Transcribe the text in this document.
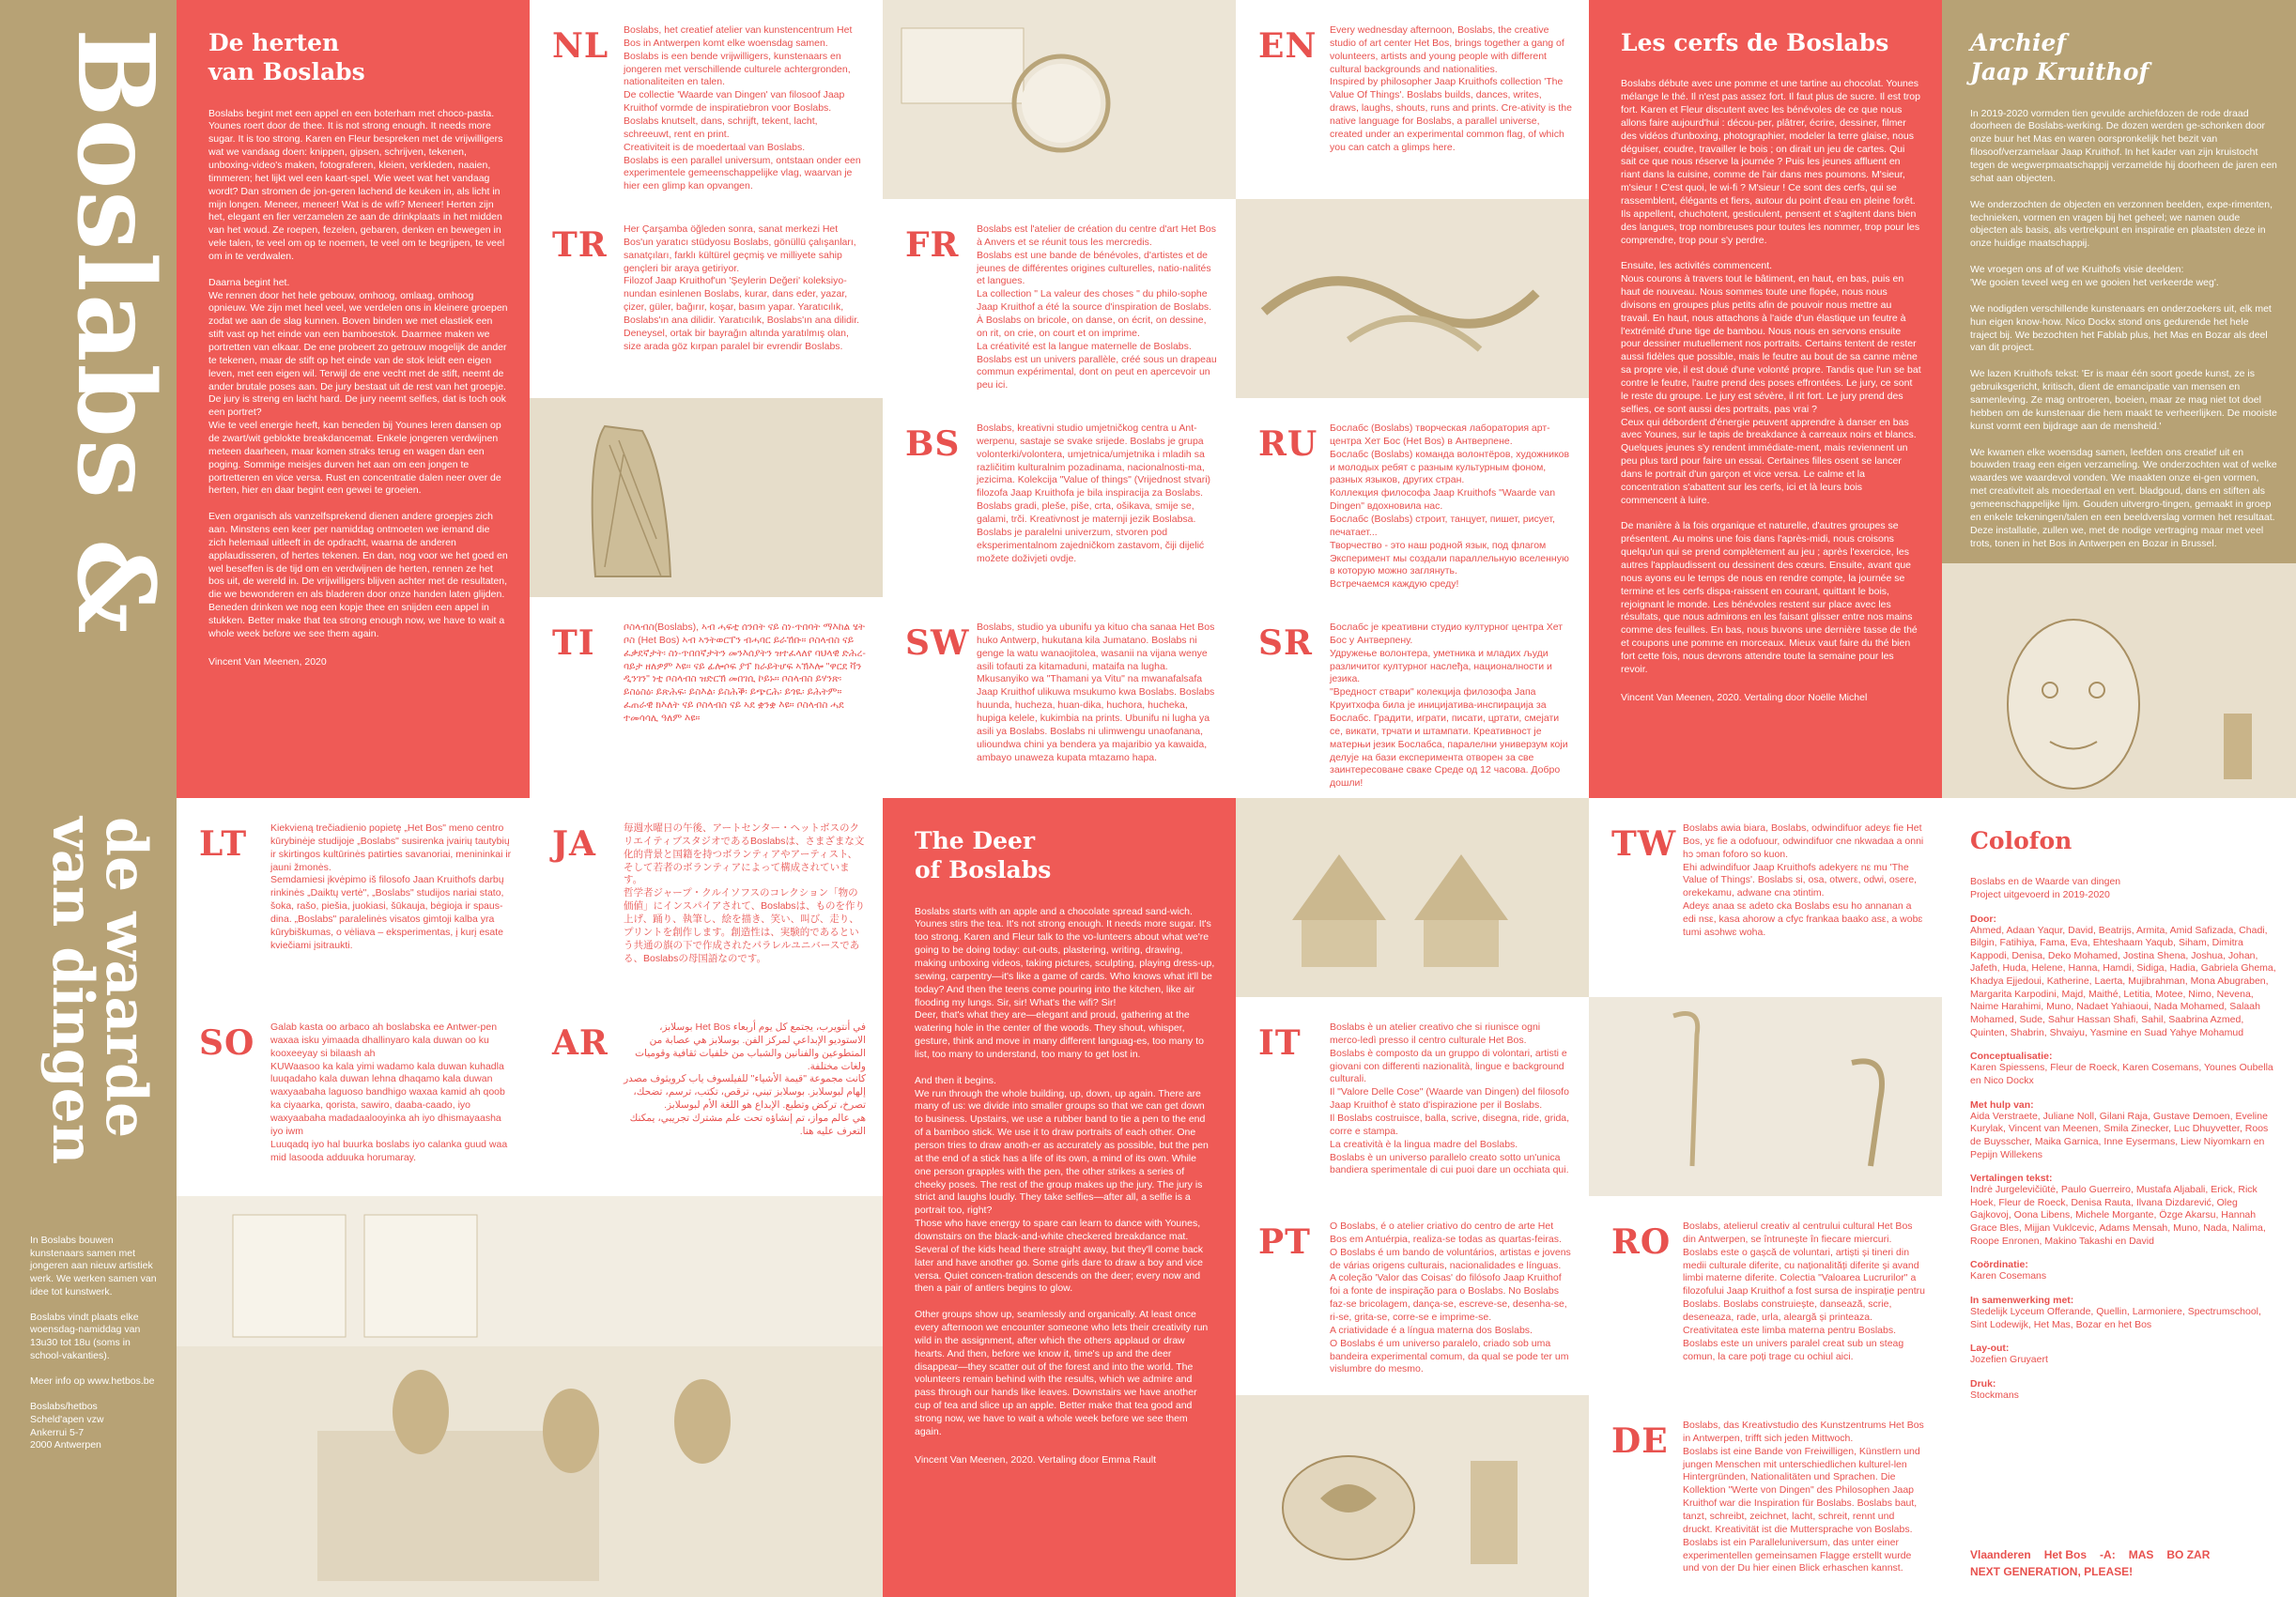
Boslabs &
de waarde
van dingen
In Boslabs bouwen kunstenaars samen met jongeren aan nieuw artistiek werk. We werken samen van idee tot kunstwerk.

Boslabs vindt plaats elke woensdag-namiddag van 13u30 tot 18u (soms in school-vakanties).

Meer info op www.hetbos.be

Boslabs/hetbos
Scheld'apen vzw
Ankerrui 5-7
2000 Antwerpen
De herten
van Boslabs
Boslabs begint met een appel en een boterham met choco-pasta. Younes roert door de thee. It is not strong enough. It needs more sugar. It is too strong. Karen en Fleur bespreken met de vrijwilligers wat we vandaag doen: knippen, gipsen, schrijven, tekenen, unboxing-video's maken, fotograferen, kleien, verkleden, naaien, timmeren; het lijkt wel een kaart-spel. Wie weet wat het vandaag wordt? Dan stromen de jon-geren lachend de keuken in, als licht in mijn longen. Meneer, meneer! Wat is de wifi? Meneer! Herten zijn het, elegant en fier verzamelen ze aan de drinkplaats in het midden van het woud. Ze roepen, fezelen, gebaren, denken en bewegen in vele talen, te veel om op te noemen, te veel om te begrijpen, te veel om in te verdwalen.

Daarna begint het.
We rennen door het hele gebouw, omhoog, omlaag, omhoog opnieuw. We zijn met heel veel, we verdelen ons in kleinere groepen zodat we aan de slag kunnen. Boven binden we met elastiek een stift vast op het einde van een bamboestok. Daarmee maken we portretten van elkaar. De ene probeert zo getrouw mogelijk de ander te tekenen, maar de stift op het einde van de stok leidt een eigen leven, met een eigen wil. Terwijl de ene vecht met de stift, neemt de ander brutale poses aan. De jury bestaat uit de rest van het groepje. De jury is streng en lacht hard. De jury neemt selfies, dat is toch ook een portret?
Wie te veel energie heeft, kan beneden bij Younes leren dansen op de zwart/wit geblokte breakdancemat. Enkele jongeren verdwijnen meteen daarheen, maar komen straks terug en wagen dan een poging. Sommige meisjes durven het aan om een jongen te portretteren en vice versa. Rust en concentratie dalen neer over de herten, hier en daar begint een gewei te groeien.

Even organisch als vanzelfsprekend dienen andere groepjes zich aan. Minstens een keer per namiddag ontmoeten we iemand die zich helemaal uitleeft in de opdracht, waarna de anderen applaudisseren, of hertes tekenen. En dan, nog voor we het goed en wel beseffen is de tijd om en verdwijnen de herten, rennen ze het bos uit, de wereld in. De vrijwilligers blijven achter met de resultaten, die we bewonderen en als bladeren door onze handen laten glijden. Beneden drinken we nog een kopje thee en snijden een appel in stukken. Better make that tea strong enough now, we have to wait a whole week before we see them again.
Vincent Van Meenen, 2020
NL Boslabs, het creatief atelier van kunstencentrum Het Bos in Antwerpen komt elke woensdag samen.
Boslabs is een bende vrijwilligers, kunstenaars en jongeren met verschillende culturele achtergronden, nationaliteiten en talen.
De collectie 'Waarde van Dingen' van filosoof Jaap Kruithof vormde de inspiratiebron voor Boslabs.
Boslabs knutselt, dans, schrijft, tekent, lacht, schreeuwt, rent en print.
Creativiteit is de moedertaal van Boslabs.
Boslabs is een parallel universum, ontstaan onder een experimentele gemeenschappelijke vlag, waarvan je hier een glimp kan opvangen.
TR Her Çarşamba öğleden sonra, sanat merkezi Het Bos'un yaratıcı stüdyosu Boslabs, gönüllü çalışanları, sanatçıları, farklı kültürel geçmiş ve milliyete sahip gençleri bir araya getiriyor.
Filozof Jaap Kruithof'un 'Şeylerin Değeri' koleksiyo-nundan esinlenen Boslabs, kurar, dans eder, yazar, çizer, güler, bağırır, koşar, basım yapar. Yaratıcılık, Boslabs'ın ana dilidir. Yaratıcılık, Boslabs'ın ana dilidir. Deneysel, ortak bir bayrağın altında yaratılmış olan, size arada göz kırpan paralel bir evrendir Boslabs.
TI	ቦስላብስ(Boslabs), ኣብ ሓፍቲ ሰንበት ናይ ስነ-ጥበባት ማእከል ሄት ቦስ (Het Bos) ኣብ ኣንትወርፐን ብሓባር ይራኸቡ። ቦስላብስ ናይ ፈቃደኛታት፡ ስነ-ጥበበኛታትን መንእሰያትን ዝተፈላለየ ባህላዊ ድሕረ-ባይታ ዘለዎም እዩ። ናይ ፊሎሶፍ ያፕ ክራይትሆፍ ኣኽእሎ "ዋርደ ቫን ዲንገን" ነቲ ቦስላብስ ዝድርኽ መበገሲ ኮይኑ። ቦስላብስ ይሃንጽ፡ ይስዕስዕ፡ ይጽሕፍ፡ ይስእል፡ ይስሕቕ፡ ይጭርሕ፡ ይጎዪ፡ ይሕትም። ፈጠራዊ ክእለት ናይ ቦስላብስ ናይ ኣደ ቋንቋ እዩ። ቦስላብስ ሓደ ተመሳሳሊ ዓለም እዩ።
FR Boslabs est l'atelier de création du centre d'art Het Bos à Anvers et se réunit tous les mercredis.
Boslabs est une bande de bénévoles, d'artistes et de jeunes de différentes origines culturelles, natio-nalités et langues.
La collection " La valeur des choses " du philo-sophe Jaap Kruithof a été la source d'inspiration de Boslabs. À Boslabs on bricole, on danse, on écrit, on dessine, on rit, on crie, on court et on imprime.
La créativité est la langue maternelle de Boslabs.
Boslabs est un univers parallèle, créé sous un drapeau commun expérimental, dont on peut en apercevoir un peu ici.
BS Boslabs, kreativni studio umjetničkog centra u Ant-werpenu, sastaje se svake srijede. Boslabs je grupa volonterki/volontera, umjetnica/umjetnika i mladih sa različitim kulturalnim pozadinama, nacionalnosti-ma, jezicima. Kolekcija "Value of things" (Vrijednost stvari) filozofa Jaap Kruithofa je bila inspiracija za Boslabs. Boslabs gradi, pleše, piše, crta, ošikava, smije se, galami, trči. Kreativnost je maternji jezik Boslabsa. Boslabs je paralelni univerzum, stvoren pod eksperimentalnom zajedničkom zastavom, čiji dijelić možete doživjeti ovdje.
SW Boslabs, studio ya ubunifu ya kituo cha sanaa Het Bos huko Antwerp, hukutana kila Jumatano. Boslabs ni genge la watu wanaojitolea, wasanii na vijana wenye asili tofauti za kitamaduni, mataifa na lugha. Mkusanyiko wa "Thamani ya Vitu" na mwanafalsafa Jaap Kruithof ulikuwa msukumo kwa Boslabs. Boslabs huunda, huchezа, huan-dika, huchora, hucheka, hupiga kelele, kukimbia na prints. Ubunifu ni lugha ya asili ya Boslabs. Boslabs ni ulimwengu unaofanana, ulioundwa chini ya bendera ya majaribio ya kawaida, ambayo unaweza kupata mtazamo hapa.
EN Every wednesday afternoon, Boslabs, the creative studio of art center Het Bos, brings together a gang of volunteers, artists and young people with different cultural backgrounds and nationalities.
Inspired by philosopher Jaap Kruithofs collection 'The Value Of Things'. Boslabs builds, dances, writes, draws, laughs, shouts, runs and prints. Cre-ativity is the native language for Boslabs, a parallel universe, created under an experimental common flag, of which you can catch a glimps here.
RU Бослабс (Boslabs) творческая лаборатория арт-центра Хет Бос (Het Bos) в Антверпене.
Бослабс (Boslabs) команда волонтёров, художников и молодых ребят с разным культурным фоном, разных языков, других стран.
Коллекция философа Jaap Kruithofs "Waarde van Dingen" вдохновила нас.
Бослабс (Boslabs) строит, танцует, пишет, рисует, печатает...
Творчество - это наш родной язык, под флагом Эксперимент мы создали параллельную вселенную в которую можно заглянуть.
Встречаемся каждую среду!
SR Бослабс је креативни студио културног центра Хет Бос у Антверпену.
Удружење волонтера, уметника и младих људи различитог културног наслеђа, националности и језика.
"Вредност ствари" колекција филозофа Јапа Круитхофа била је иницијатива-инспирација за Бослабс. Градити, играти, писати, цртати, смејати се, викати, трчати и штампати. Креативност је матерњи језик Бослабса, паралелни универзум који делује на бази експеримента отворен за све заинтересоване сваке Среде од 12 часова. Добро дошли!
Les cerfs de Boslabs
Boslabs débute avec une pomme et une tartine au chocolat. Younes mélange le thé. Il n'est pas assez fort. Il faut plus de sucre. Il est trop fort. Karen et Fleur discutent avec les bénévoles de ce que nous allons faire aujourd'hui : décou-per, plâtrer, écrire, dessiner, filmer des vidéos d'unboxing, photographier, modeler la terre glaise, nous déguiser, coudre, travailler le bois ; on dirait un jeu de cartes. Qui sait ce que nous réserve la journée ? Puis les jeunes affluent en riant dans la cuisine, comme de l'air dans mes poumons. M'sieur, m'sieur ! C'est quoi, le wi-fi ? M'sieur ! Ce sont des cerfs, qui se rassemblent, élégants et fiers, autour du point d'eau en pleine forêt. Ils appellent, chuchotent, gesticulent, pensent et s'agitent dans bien des langues, trop nombreuses pour toutes les nommer, trop pour les comprendre, trop pour s'y perdre.

Ensuite, les activités commencent.
Nous courons à travers tout le bâtiment, en haut, en bas, puis en haut de nouveau. Nous sommes toute une flopée, nous nous divisons en groupes plus petits afin de pouvoir nous mettre au travail. En haut, nous attachons à l'aide d'un élastique un feutre à l'extrémité d'une tige de bambou. Nous nous en servons ensuite pour dessiner mutuellement nos portraits. Certains tentent de rester aussi fidèles que possible, mais le feutre au bout de sa canne mène sa propre vie, il est doué d'une volonté propre. Tandis que l'un se bat contre le feutre, l'autre prend des poses effrontées. Le jury, ce sont le reste du groupe. Le jury est sévère, il rit fort. Le jury prend des selfies, ce sont aussi des portraits, pas vrai ?
Ceux qui débordent d'énergie peuvent apprendre à danser en bas avec Younes, sur le tapis de breakdance à carreaux noirs et blancs. Quelques jeunes s'y rendent immédiate-ment, mais reviennent un peu plus tard pour faire un essai. Certaines filles osent se lancer dans le portrait d'un garçon et vice versa. Le calme et la concentration s'abattent sur les cerfs, ici et là leurs bois commencent à luire.

De manière à la fois organique et naturelle, d'autres groupes se présentent. Au moins une fois dans l'après-midi, nous croisons quelqu'un qui se prend complètement au jeu ; après l'exercice, les autres l'applaudissent ou dessinent des cœurs. Ensuite, avant que nous ayons eu le temps de nous en rendre compte, la journée se termine et les cerfs dispa-raissent en courant, quittant le bois, rejoignant le monde. Les bénévoles restent sur place avec les résultats, que nous admirons en les faisant glisser entre nos mains comme des feuilles. En bas, nous buvons une dernière tasse de thé et coupons une pomme en morceaux. Mieux vaut faire du thé bien fort cette fois, nous devrons attendre toute la semaine pour les revoir.
Vincent Van Meenen, 2020. Vertaling door Noëlle Michel
Archief
Jaap Kruithof

In 2019-2020 vormden tien gevulde archiefdozen de rode draad doorheen de Boslabs-werking. De dozen werden ge-schonken door onze buur het Mas en waren oorspronkelijk het bezit van filosoof/verzamelaar Jaap Kruithof. In het kader van zijn kruistocht tegen de wegwerpmaatschappij verzamelde hij doorheen de jaren een schat aan objecten.

We onderzochten de objecten en verzonnen beelden, expe-rimenten, technieken, vormen en vragen bij het geheel; we namen oude objecten als basis, als vertrekpunt en inspiratie en plaatsten deze in onze huidige maatschappij.

We vroegen ons af of we Kruithofs visie deelden:
'We gooien teveel weg en we gooien het verkeerde weg'.

We nodigden verschillende kunstenaars en onderzoekers uit, elk met hun eigen know-how. Nico Dockx stond ons gedurende het hele traject bij. We bezochten het Fablab plus, het Mas en Bozar als deel van dit project.

We lazen Kruithofs tekst: 'Er is maar één soort goede kunst, ze is gebruiksgericht, kritisch, dient de emancipatie van mensen en samenleving. Ze mag ontroeren, boeien, maar ze mag niet tot doel hebben om de kunstenaar die hem maakt te verheerlijken. De mooiste kunst vormt een bijdrage aan de mensheid.'

We kwamen elke woensdag samen, leefden ons creatief uit en bouwden traag een eigen verzameling. We onderzochten wat of welke waardes we waardevol vonden. We maakten onze ei-gen vormen, met creativiteit als moedertaal en vert. bladgoud, dans en stiften als gemeenschappelijke lijm. Gouden uitvergro-tingen, gemaakt in groep en enkele tekeningen/talen en een beeldverslag vormen het resultaat. Deze installatie, zullen we, met de nodige vertraging maar met veel trots, tonen in het Bos in Antwerpen en Bozar in Brussel.

LT Kiekvieną trečiadienio popietę „Het Bos" meno centro kūrybinėje studijoje „Boslabs" susirenka įvairių tautybių ir skirtingos kultūrinės patirties savanoriai, menininkai ir jauni žmonės.
Semdamiesi įkvėpimo iš filosofo Jaan Kruithofs darbų rinkinės „Daiktų vertė", „Boslabs" studijos nariai stato, šoka, rašo, piešia, juokiasi, šūkauja, bėgioja ir spaus-dina. „Boslabs" paralelinės visatos gimtoji kalba yra kūrybiškumas, o vėliava – eksperimentas, į kurį esate kviečiami įsitraukti.
SO Galab kasta oo arbaco ah boslabska ee Antwer-pen waxaa isku yimaada dhallinyaro kala duwan oo ku kooxeeyay si bilaash ah
KUWaasoo ka kala yimi wadamo kala duwan kuhadla luuqadaho kala duwan lehna dhaqamo kala duwan waxyaabaha laguoso bandhigo waxaa kamid ah qoob ka ciyaarka, qorista, sawiro, daaba-caado, iyo waxyaabaha madadaalooyinka ah iyo dhismayaasha iyo iwm
Luuqadq iyo hal buurka boslabs iyo calanka guud waa mid lasooda adduuka horumaray.
JA	毎週水曜日の午後、アートセンター・ヘットボスのクリエイティブスタジオであるBoslabsは、さまざまな文化的背景と国籍を持つボランティアやアーティスト、そして若者のボランティアによって構成されています。
哲学者ジャープ・クルイソフスのコレクション「物の価値」にインスパイアされて、Boslabsは、ものを作り上げ、踊り、執筆し、絵を描き、笑い、叫び、走り、プリントを創作します。創造性は、実験的であるという共通の旗の下で作成されたパラレルユニバースである、Boslabsの母国語なのです。
AR	في أنتويرب، يجتمع كل يوم أربعاء Het Bos بوسلابز، الاستوديو الإبداعي لمركز الفن. بوسلابز هي عصابة من المتطوعين والفنانين والشباب من خلفيات ثقافية وقوميات ولغات مختلفة.
كانت مجموعة "قيمة الأشياء" للفيلسوف ياب كرويثوف مصدر إلهام لبوسلابز. بوسلابز تبني، ترقص، تكتب، ترسم، تضحك، تصرخ، تركض وتطبع. الإبداع هو اللغة الأم لبوسلابز.
هي عالم مواز، تم إنشاؤه تحت علم مشترك تجريبي، يمكنك التعرف عليه هنا.
The Deer
of Boslabs
Boslabs starts with an apple and a chocolate spread sand-wich. Younes stirs the tea. It's not strong enough. It needs more sugar. It's too strong. Karen and Fleur talk to the vo-lunteers about what we're going to be doing today: cut-outs, plastering, writing, drawing, making unboxing videos, taking pictures, sculpting, playing dress-up, sewing, carpentry—it's like a game of cards. Who knows what it'll be today? And then the teens come pouring into the kitchen, like air flooding my lungs. Sir, sir! What's the wifi? Sir!
Deer, that's what they are—elegant and proud, gathering at the watering hole in the center of the woods. They shout, whisper, gesture, think and move in many different languag-es, too many to list, too many to understand, too many to get lost in.

And then it begins.
We run through the whole building, up, down, up again. There are many of us: we divide into smaller groups so that we can get down to business. Upstairs, we use a rubber band to tie a pen to the end of a bamboo stick. We use it to draw portraits of each other. One person tries to draw anoth-er as accurately as possible, but the pen at the end of a stick has a life of its own, a mind of its own. While one person grapples with the pen, the other strikes a series of cheeky poses. The rest of the group makes up the jury. The jury is strict and laughs loudly. They take selfies—after all, a selfie is a portrait too, right?
Those who have energy to spare can learn to dance with Younes, downstairs on the black-and-white checkered breakdance mat. Several of the kids head there straight away, but they'll come back later and have another go. Some girls dare to draw a boy and vice versa. Quiet concen-tration descends on the deer; every now and then a pair of antlers begins to glow.

Other groups show up, seamlessly and organically. At least once every afternoon we encounter someone who lets their creativity run wild in the assignment, after which the others applaud or draw hearts. And then, before we know it, time's up and the deer disappear—they scatter out of the forest and into the world. The volunteers remain behind with the results, which we admire and pass through our hands like leaves. Downstairs we have another cup of tea and slice up an apple. Better make that tea good and strong now, we have to wait a whole week before we see them again.
Vincent Van Meenen, 2020. Vertaling door Emma Rault
IT	Boslabs è un atelier creativo che si riunisce ogni merco-ledì presso il centro culturale Het Bos.
Boslabs è composto da un gruppo di volontari, artisti e giovani con differenti nazionalità, lingue e background culturali.
Il "Valore Delle Cose" (Waarde van Dingen) del filosofo Jaap Kruithof è stato d'ispirazione per il Boslabs.
Il Boslabs costruisce, balla, scrive, disegna, ride, grida, corre e stampa.
La creatività è la lingua madre del Boslabs.
Boslabs è un universo parallelo creato sotto un'unica bandiera sperimentale di cui puoi dare un occhiata qui.
PT O Boslabs, é o atelier criativo do centro de arte Het Bos em Antuérpia, realiza-se todas as quartas-feiras.
O Boslabs é um bando de voluntários, artistas e jovens de várias origens culturais, nacionalidades e línguas.
A coleção 'Valor das Coisas' do filósofo Jaap Kruithof foi a fonte de inspiração para o Boslabs. No Boslabs faz-se bricolagem, dança-se, escreve-se, desenha-se, ri-se, grita-se, corre-se e imprime-se.
A criatividade é a língua materna dos Boslabs.
O Boslabs é um universo paralelo, criado sob uma bandeira experimental comum, da qual se pode ter um vislumbre do mesmo.
TW Boslabs awia biara, Boslabs, odwindifuor adeyε fie Het Bos, yε fie a odofuour, odwindifuor cne nkwadaa a onni hɔ ɔman foforo so kuon.
Ehi adwindifuor Jaap Kruithofs adekyerε nε mu 'The Value of Things'. Boslabs si, osa, otwerε, odwi, osere, orekekamu, adwane cna ɔtintim.
Adeyε anaa sε adeto cka Boslabs esu ho annanan a edi nsε, kasa ahorow a cfyc frankaa baako asε, a wobɛ tumi asɔhwɛ woha.
RO Boslabs, atelierul creativ al centrului cultural Het Bos din Antwerpen, se întrunește în fiecare miercuri. Boslabs este o gașcă de voluntari, artiști și tineri din medii culturale diferite, cu naționalități diferite și avand limbi materne diferite. Colectia "Valoarea Lucrurilor" a filozofului Jaap Kruithof a fost sursa de inspirație pentru Boslabs. Boslabs construiește, dansează, scrie, deseneaza, rade, urla, aleargă și printeaza. Creativitatea este limba materna pentru Boslabs. Boslabs este un univers paralel creat sub un steag comun, la care poți trage cu ochiul aici.
DE Boslabs, das Kreativstudio des Kunstzentrums Het Bos in Antwerpen, trifft sich jeden Mittwoch.
Boslabs ist eine Bande von Freiwilligen, Künstlern und jungen Menschen mit unterschiedlichen kulturel-len Hintergründen, Nationalitäten und Sprachen. Die Kollektion "Werte von Dingen" des Philosophen Jaap Kruithof war die Inspiration für Boslabs. Boslabs baut, tanzt, schreibt, zeichnet, lacht, schreit, rennt und druckt. Kreativität ist die Muttersprache von Boslabs. Boslabs ist ein Paralleluniversum, das unter einer experimentellen gemeinsamen Flagge erstellt wurde und von der Du hier einen Blick erhaschen kannst.
Colofon
Boslabs en de Waarde van dingen
Project uitgevoerd in 2019-2020
Door:
Ahmed, Adaan Yaqur, David, Beatrijs, Armita, Amid Safizada, Chadi, Bilgin, Fatihiya, Fama, Eva, Ehteshaam Yaqub, Siham, Dimitra Kappodi, Denisa, Deko Mohamed, Jostina Shena, Joshua, Johan, Jafeth, Huda, Helene, Hanna, Hamdi, Sidiga, Hadia, Gabriela Ghema, Khadya Ejjedoui, Katherine, Laerta, Mujibrahman, Mona Abugraben, Margarita Karpodini, Majd, Maithé, Letitia, Motee, Nimo, Nevena, Naime Harahimi, Muno, Nadaet Yahiaoui, Nada Mohamed, Salaah Mohamed, Sude, Sahur Hassan Shafi, Sahil, Saabrina Azmed, Quinten, Shabrin, Shvaiyu, Yasmine en Suad Yahye Mohamud
Conceptualisatie:
Karen Spiessens, Fleur de Roeck, Karen Cosemans, Younes Oubella en Nico Dockx
Met hulp van:
Aida Verstraete, Juliane Noll, Gilani Raja, Gustave Demoen, Eveline Kurylak, Vincent van Meenen, Smila Zinecker, Luc Dhuyvetter, Roos de Buysscher, Maika Garnica, Inne Eysermans, Liew Niyomkarn en Pepijn Willekens
Vertalingen tekst:
Indrė Jurgelevičiūtė, Paulo Guerreiro, Mustafa Aljabali, Erick, Rick Hoek, Fleur de Roeck, Denisa Rauta, Ilvana Dizdarević, Oleg Gajkovoj, Oona Libens, Michele Morgante, Özge Akarsu, Hannah Grace Bles, Mijjan Vuklcevic, Adams Mensah, Muno, Nada, Nalima, Roope Enronen, Makino Takashi en David
Coördinatie:
Karen Cosemans
In samenwerking met:
Stedelijk Lyceum Offerande, Quellin, Larmoniere, Spectrumschool, Sint Lodewijk, Het Mas, Bozar en het Bos
Lay-out:
Jozefien Gruyaert
Druk:
Stockmans
Vlaanderen Het Bos -A: MAS BO ZARNEXT GENERATION, PLEASE!
